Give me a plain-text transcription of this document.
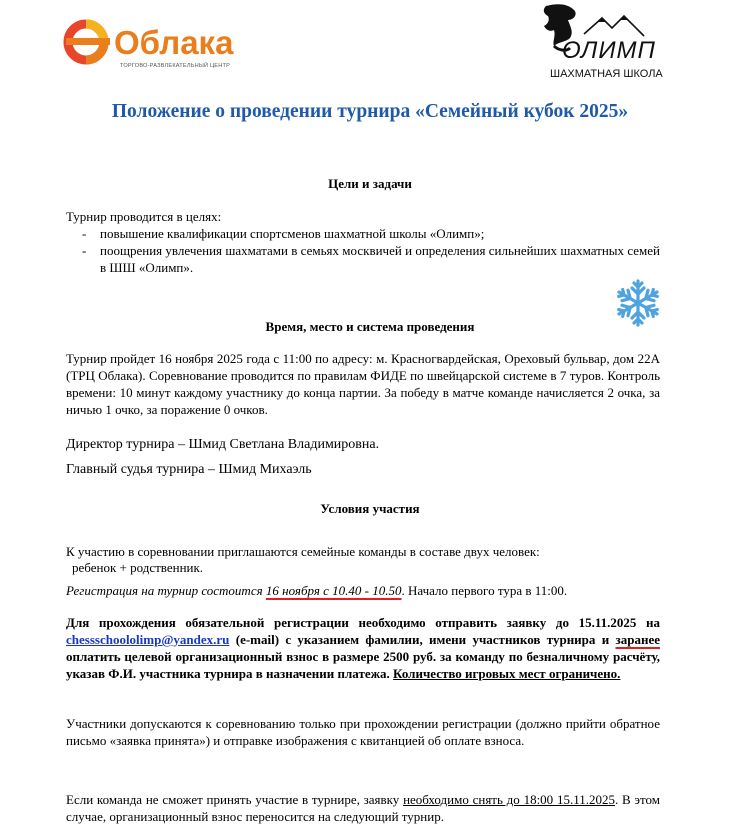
Облака
ТОРГОВО-РАЗВЛЕКАТЕЛЬНЫЙ ЦЕНТР
ОЛИМП
ШАХМАТНАЯ ШКОЛА
Положение о проведении турнира «Семейный кубок 2025»
Цели и задачи
Турнир проводится в целях:
- повышение квалификации спортсменов шахматной школы «Олимп»;
- поощрения увлечения шахматами в семьях москвичей и определения сильнейших шахматных семей в ШШ «Олимп».
Время, место и система проведения
Турнир пройдет 16 ноября 2025 года с 11:00 по адресу: м. Красногвардейская, Ореховый бульвар, дом 22А (ТРЦ Облака). Соревнование проводится по правилам ФИДЕ по швейцарской системе в 7 туров. Контроль времени: 10 минут каждому участнику до конца партии. За победу в матче команде начисляется 2 очка, за ничью 1 очко, за поражение 0 очков.
Директор турнира – Шмид Светлана Владимировна.
Главный судья турнира – Шмид Михаэль
Условия участия
К участию в соревновании приглашаются семейные команды в составе двух человек:
ребенок + родственник.
Регистрация на турнир состоится 16 ноября с 10.40 - 10.50. Начало первого тура в 11:00.
Для прохождения обязательной регистрации необходимо отправить заявку до 15.11.2025 на chessschoololimp@yandex.ru (e-mail) с указанием фамилии, имени участников турнира и заранее оплатить целевой организационный взнос в размере 2500 руб. за команду по безналичному расчёту, указав Ф.И. участника турнира в назначении платежа. Количество игровых мест ограничено.
Участники допускаются к соревнованию только при прохождении регистрации (должно прийти обратное письмо «заявка принята») и отправке изображения с квитанцией об оплате взноса.
Если команда не сможет принять участие в турнире, заявку необходимо снять до 18:00 15.11.2025. В этом случае, организационный взнос переносится на следующий турнир.
